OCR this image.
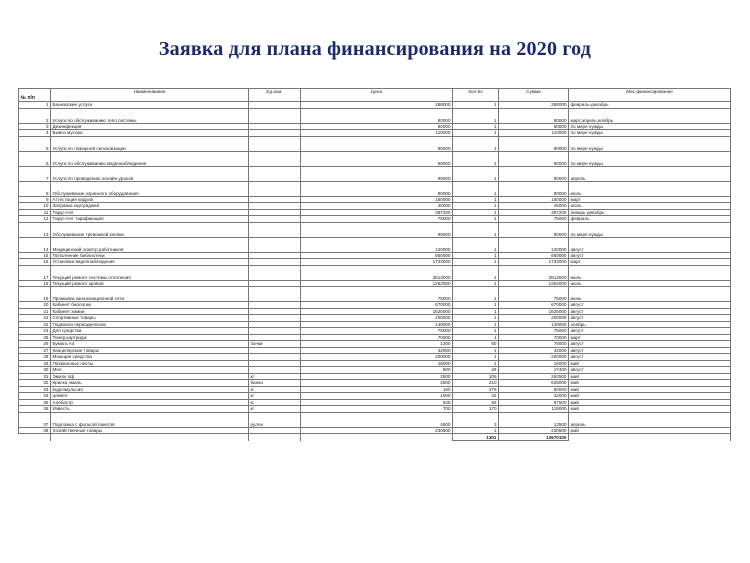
Заявка для плана финансирования на 2020 год
№ п/п	Наименование	Ед.изм.	Цена	Кол-во	Сумма	Мес.финансирование
1	Банковские услуги		288000	1	288000	февраль-декабрь
2	Услуги по обслуживанию тепл.системы		80000	1	80000	март,апрель,ноябрь
3	Дезинфекция		60000	1	60000	по мере нужды
4	Вывоз мусора		110000	1	110000	по мере нужды
5	Услуги по пожарной сигнализации		90000	1	90000	по мере нужды
6	Услуги по обслуживанию видеонаблюдения		90000	1	90000	по мере нужды
7	Услуги по проведению онлайн-уроков		90000	1	90000	апрель
8	Обслуживание охранного оборудования		80000	1	80000	июль
9	Аттестация кадров		150000	1	150000	март
10	Заправка картриджей		45000	1	45000	июль
11	Тарус-Нэт		397200	1	397200	январь-декабрь
12	Тарус-Нэт тарификация		75000	1	75000	февраль
13	Обслуживание тревожной кнопки		90000	1	90000	по мере нужды
14	Медицинский осмотр работников		120000	1	120000	август
15	Пополнение библиотеки		850000	1	850000	август
16	Установка видеонаблюдения		1733000	1	1733000	март
17	Текущий ремонт системы отопления		3513000	1	3513000	июль
18	Текущий ремонт кровли		1262000	1	1262000	июль
19	Промывка канализационной сети		75000	1	75000	июнь
20	Кабинет биологии		670000	1	670000	август
21	Кабинет химии		1625000	1	1625000	август
22	Спортивные товары		200000	1	200000	август
23	Подписка периодических		140000	1	140000	ноябрь
24	Для средства		75000	1	75000	август
25	Тонер,картридж		70000	1	70000	март
26	Бумага А4	пачки	1300	60	78000	август
27	Канцелярские товары		42000	1	42000	август
28	Моющие средства		200000	1	200000	август
29	Похвальные листы		16000	1	16000	май
30	Мел		600	29	17400	август
31	Эмаль пф	кг	2500	105	262500	май
32	Краска эмаль	банка	2500	210	525000	май
33	водоэмульсия	кг	160	375	60000	май
34	цемент	кг	1000	32	32000	май
35	Алебастр	кг	625	92	57500	май
36	Известь	кг	700	170	119000	май
37	Подложка с фольгой пакетов	рулон	4500	3	13500	апрель
38	Хозяйственные товары		230500	1	230500	май
				1301	13970100	
